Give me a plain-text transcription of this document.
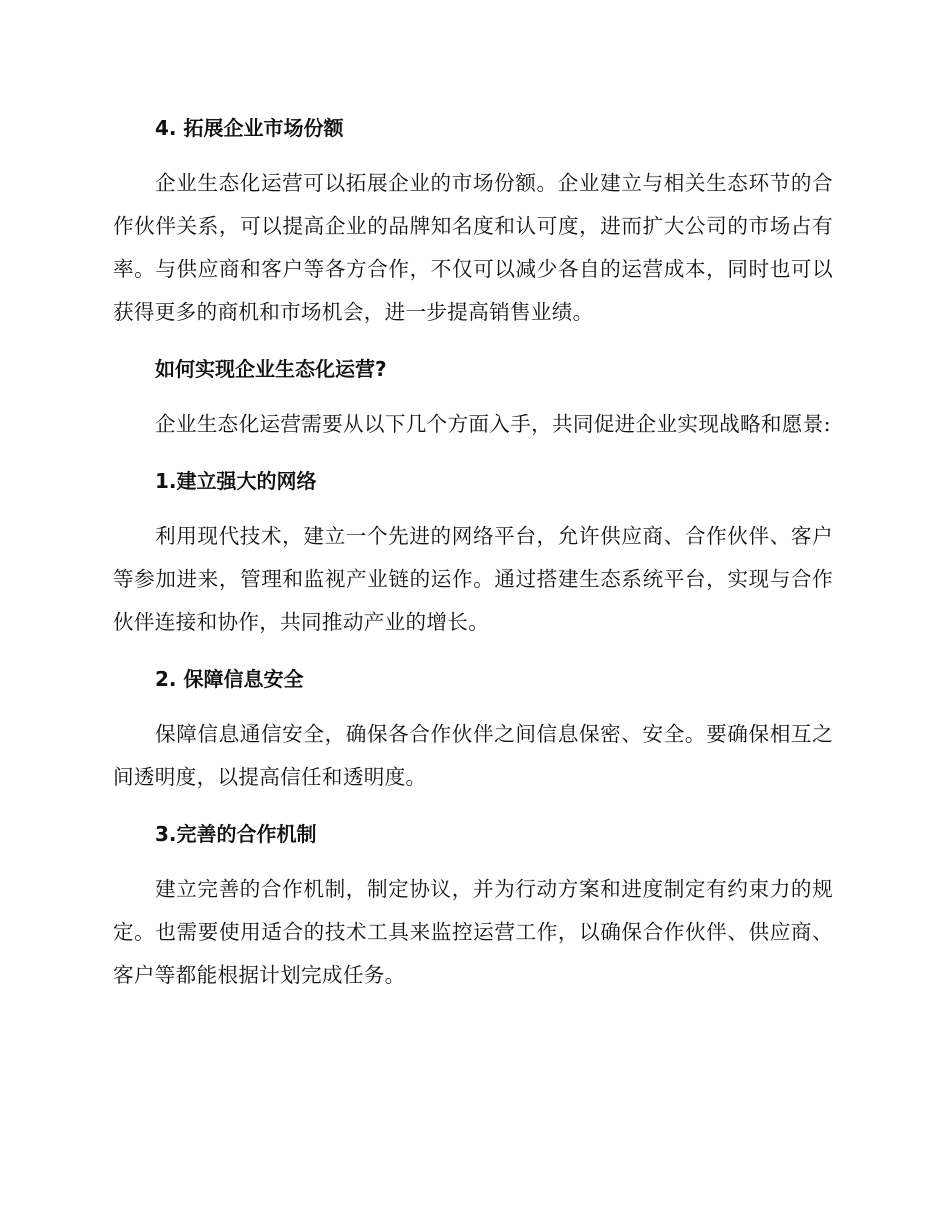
4. 拓展企业市场份额

企业生态化运营可以拓展企业的市场份额。企业建立与相关生态环节的合作伙伴关系，可以提高企业的品牌知名度和认可度，进而扩大公司的市场占有率。与供应商和客户等各方合作，不仅可以减少各自的运营成本，同时也可以获得更多的商机和市场机会，进一步提高销售业绩。

如何实现企业生态化运营?

企业生态化运营需要从以下几个方面入手，共同促进企业实现战略和愿景:

1.建立强大的网络

利用现代技术，建立一个先进的网络平台，允许供应商、合作伙伴、客户等参加进来，管理和监视产业链的运作。通过搭建生态系统平台，实现与合作伙伴连接和协作，共同推动产业的增长。

2. 保障信息安全

保障信息通信安全，确保各合作伙伴之间信息保密、安全。要确保相互之间透明度，以提高信任和透明度。

3.完善的合作机制

建立完善的合作机制，制定协议，并为行动方案和进度制定有约束力的规定。也需要使用适合的技术工具来监控运营工作，以确保合作伙伴、供应商、客户等都能根据计划完成任务。
